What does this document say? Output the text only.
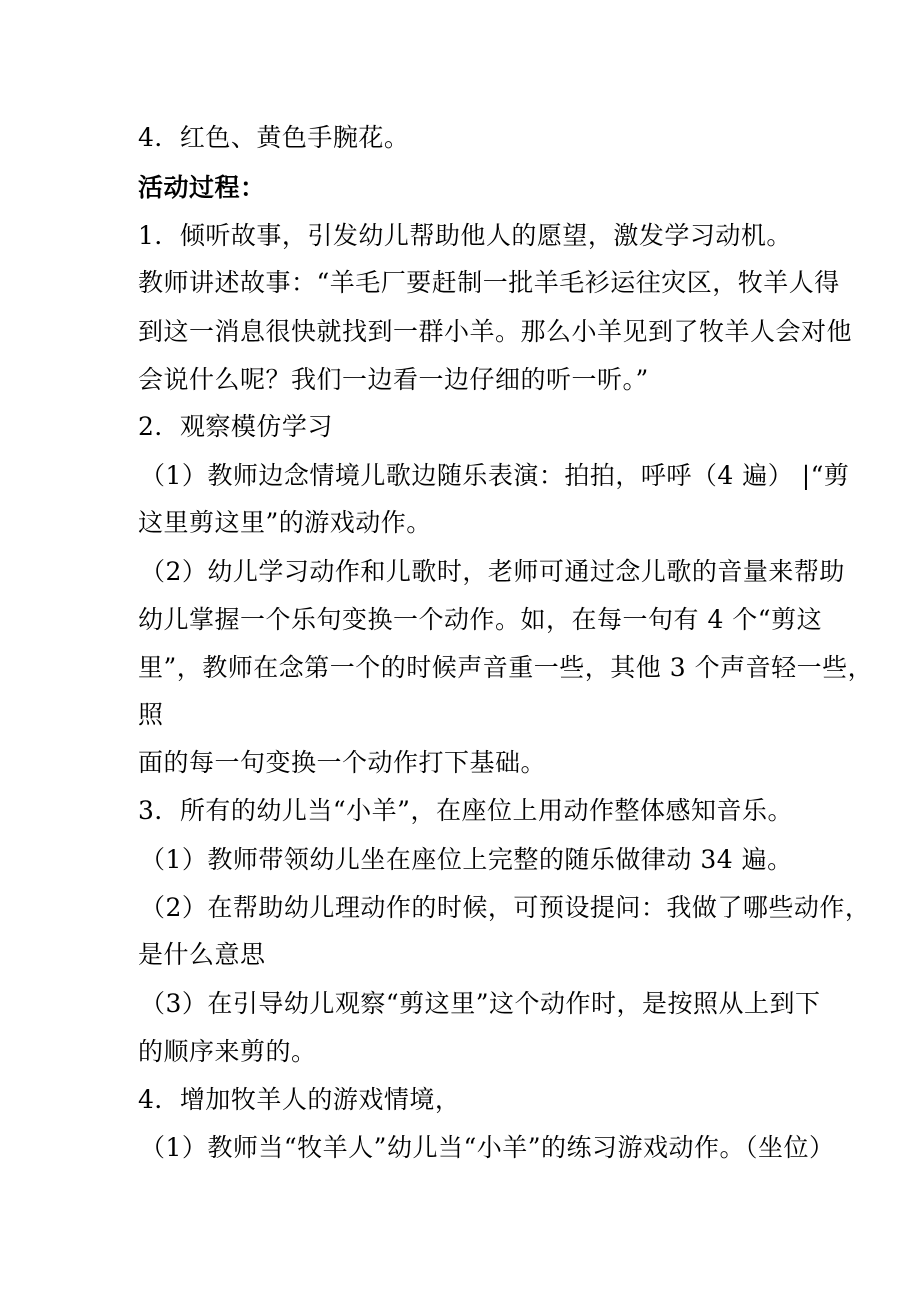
4．红色、黄色手腕花。
活动过程：
1．倾听故事，引发幼儿帮助他人的愿望，激发学习动机。
教师讲述故事：“羊毛厂要赶制一批羊毛衫运往灾区，牧羊人得
到这一消息很快就找到一群小羊。那么小羊见到了牧羊人会对他
会说什么呢？我们一边看一边仔细的听一听。”
2．观察模仿学习
（1）教师边念情境儿歌边随乐表演：拍拍，呼呼（4 遍） |“剪
这里剪这里”的游戏动作。
（2）幼儿学习动作和儿歌时，老师可通过念儿歌的音量来帮助
幼儿掌握一个乐句变换一个动作。如，在每一句有 4 个“剪这
里”，教师在念第一个的时候声音重一些，其他 3 个声音轻一些，
照
面的每一句变换一个动作打下基础。
3．所有的幼儿当“小羊”，在座位上用动作整体感知音乐。
（1）教师带领幼儿坐在座位上完整的随乐做律动 34 遍。
（2）在帮助幼儿理动作的时候，可预设提问：我做了哪些动作，
是什么意思
（3）在引导幼儿观察“剪这里”这个动作时，是按照从上到下
的顺序来剪的。
4．增加牧羊人的游戏情境，
（1）教师当“牧羊人”幼儿当“小羊”的练习游戏动作。（坐位）
